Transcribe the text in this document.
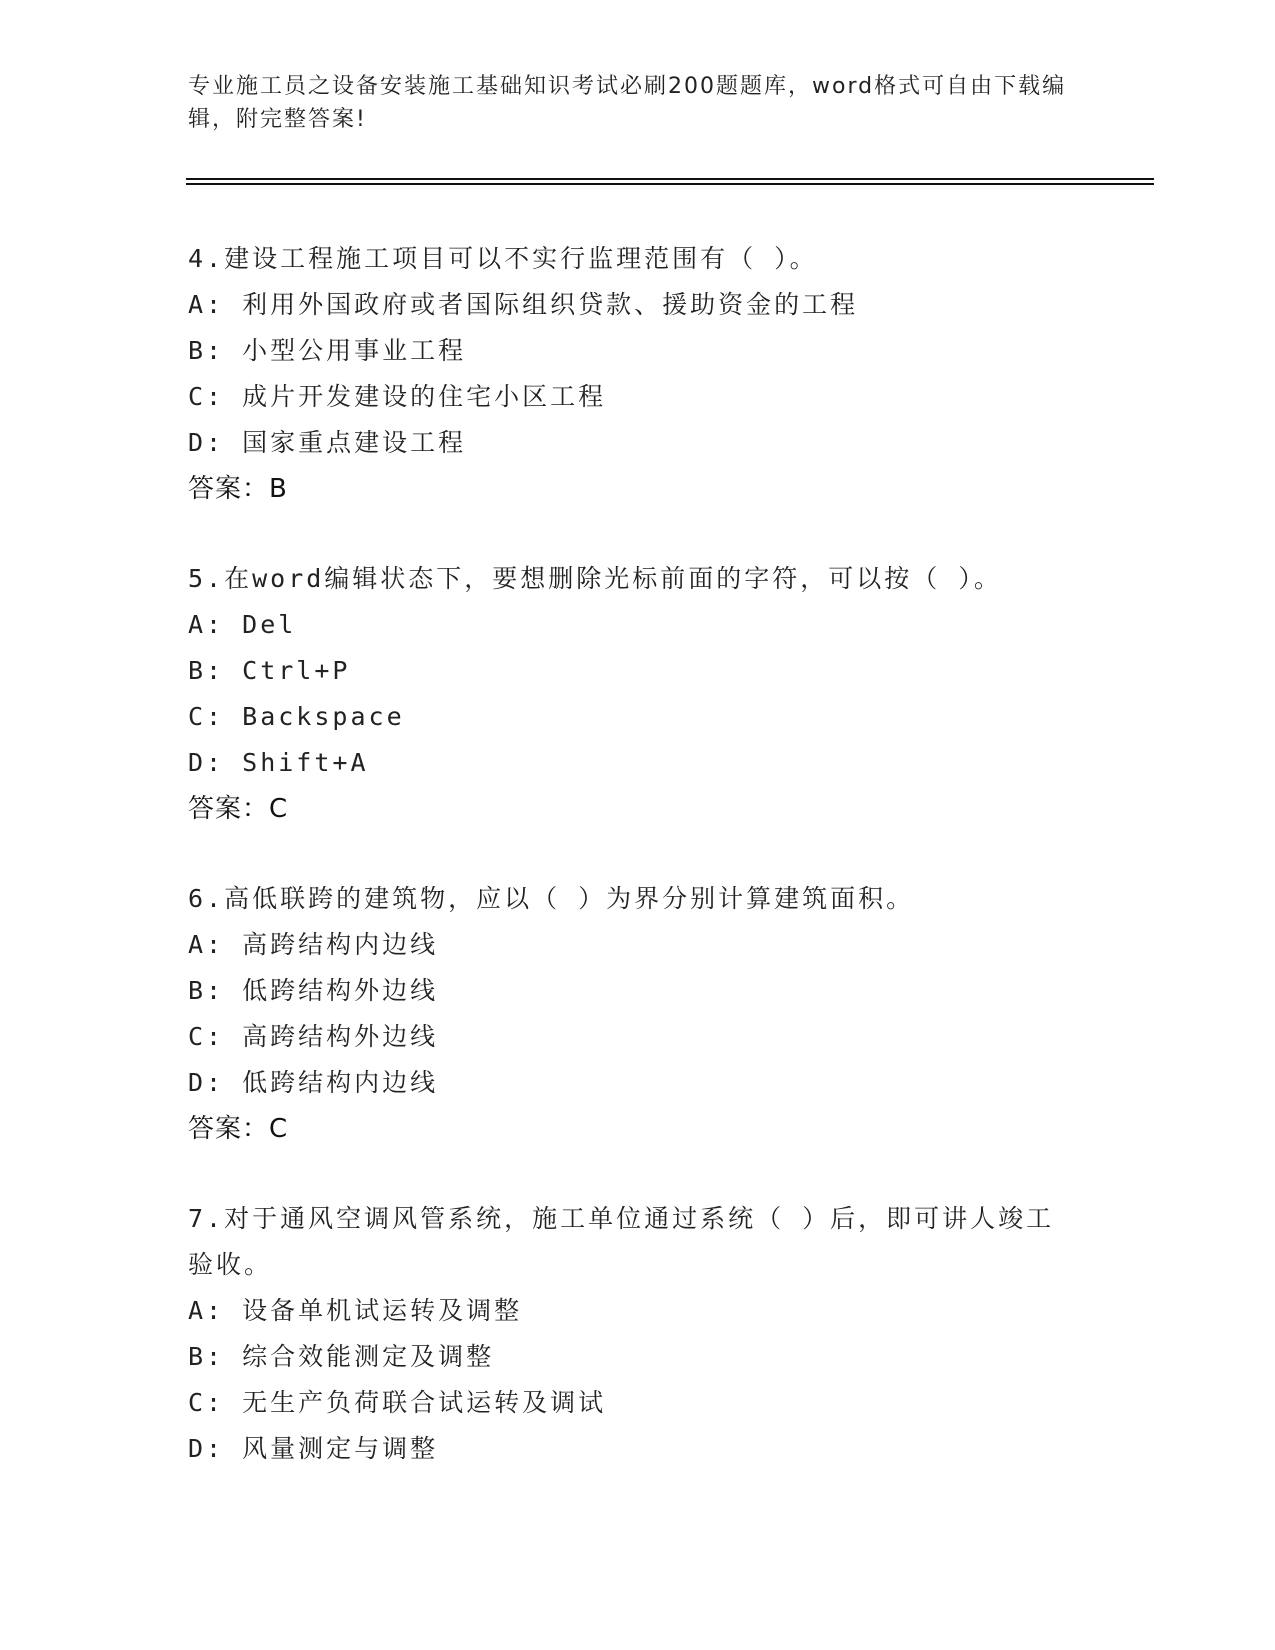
专业施工员之设备安装施工基础知识考试必刷200题题库，word格式可自由下载编辑，附完整答案!
4.建设工程施工项目可以不实行监理范围有（ ）。
A: 利用外国政府或者国际组织贷款、援助资金的工程
B: 小型公用事业工程
C: 成片开发建设的住宅小区工程
D: 国家重点建设工程
答案：B
5.在word编辑状态下，要想删除光标前面的字符，可以按（ ）。
A: Del
B: Ctrl+P
C: Backspace
D: Shift+A
答案：C
6.高低联跨的建筑物，应以（ ）为界分别计算建筑面积。
A: 高跨结构内边线
B: 低跨结构外边线
C: 高跨结构外边线
D: 低跨结构内边线
答案：C
7.对于通风空调风管系统，施工单位通过系统（ ）后，即可讲人竣工验收。
A: 设备单机试运转及调整
B: 综合效能测定及调整
C: 无生产负荷联合试运转及调试
D: 风量测定与调整
